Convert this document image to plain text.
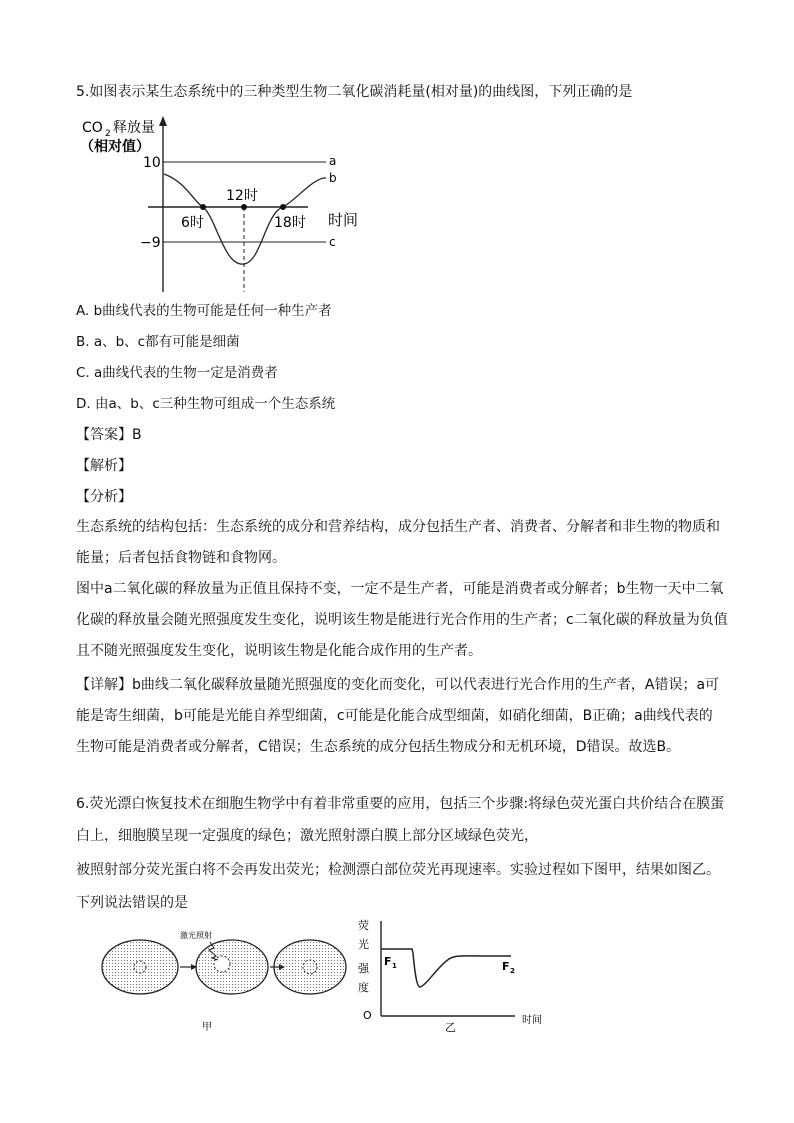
5.如图表示某生态系统中的三种类型生物二氧化碳消耗量(相对量)的曲线图，下列正确的是
CO 2 释放量
（相对值）
10
−9
6时
12时
18时 时间
a
b
c
A. b曲线代表的生物可能是任何一种生产者
B. a、b、c都有可能是细菌
C. a曲线代表的生物一定是消费者
D. 由a、b、c三种生物可组成一个生态系统
【答案】B
【解析】
【分析】
生态系统的结构包括：生态系统的成分和营养结构，成分包括生产者、消费者、分解者和非生物的物质和
能量；后者包括食物链和食物网。
图中a二氧化碳的释放量为正值且保持不变，一定不是生产者，可能是消费者或分解者；b生物一天中二氧
化碳的释放量会随光照强度发生变化，说明该生物是能进行光合作用的生产者；c二氧化碳的释放量为负值
且不随光照强度发生变化，说明该生物是化能合成作用的生产者。
【详解】b曲线二氧化碳释放量随光照强度的变化而变化，可以代表进行光合作用的生产者，A错误；a可
能是寄生细菌，b可能是光能自养型细菌，c可能是化能合成型细菌，如硝化细菌，B正确；a曲线代表的
生物可能是消费者或分解者，C错误；生态系统的成分包括生物成分和无机环境，D错误。故选B。
6.荧光漂白恢复技术在细胞生物学中有着非常重要的应用，包括三个步骤:将绿色荧光蛋白共价结合在膜蛋
白上，细胞膜呈现一定强度的绿色；激光照射漂白膜上部分区域绿色荧光，
被照射部分荧光蛋白将不会再发出荧光；检测漂白部位荧光再现速率。实验过程如下图甲，结果如图乙。
下列说法错误的是
激光照射
甲
荧
光
强
度
O
F 1	F 2
乙
时间
